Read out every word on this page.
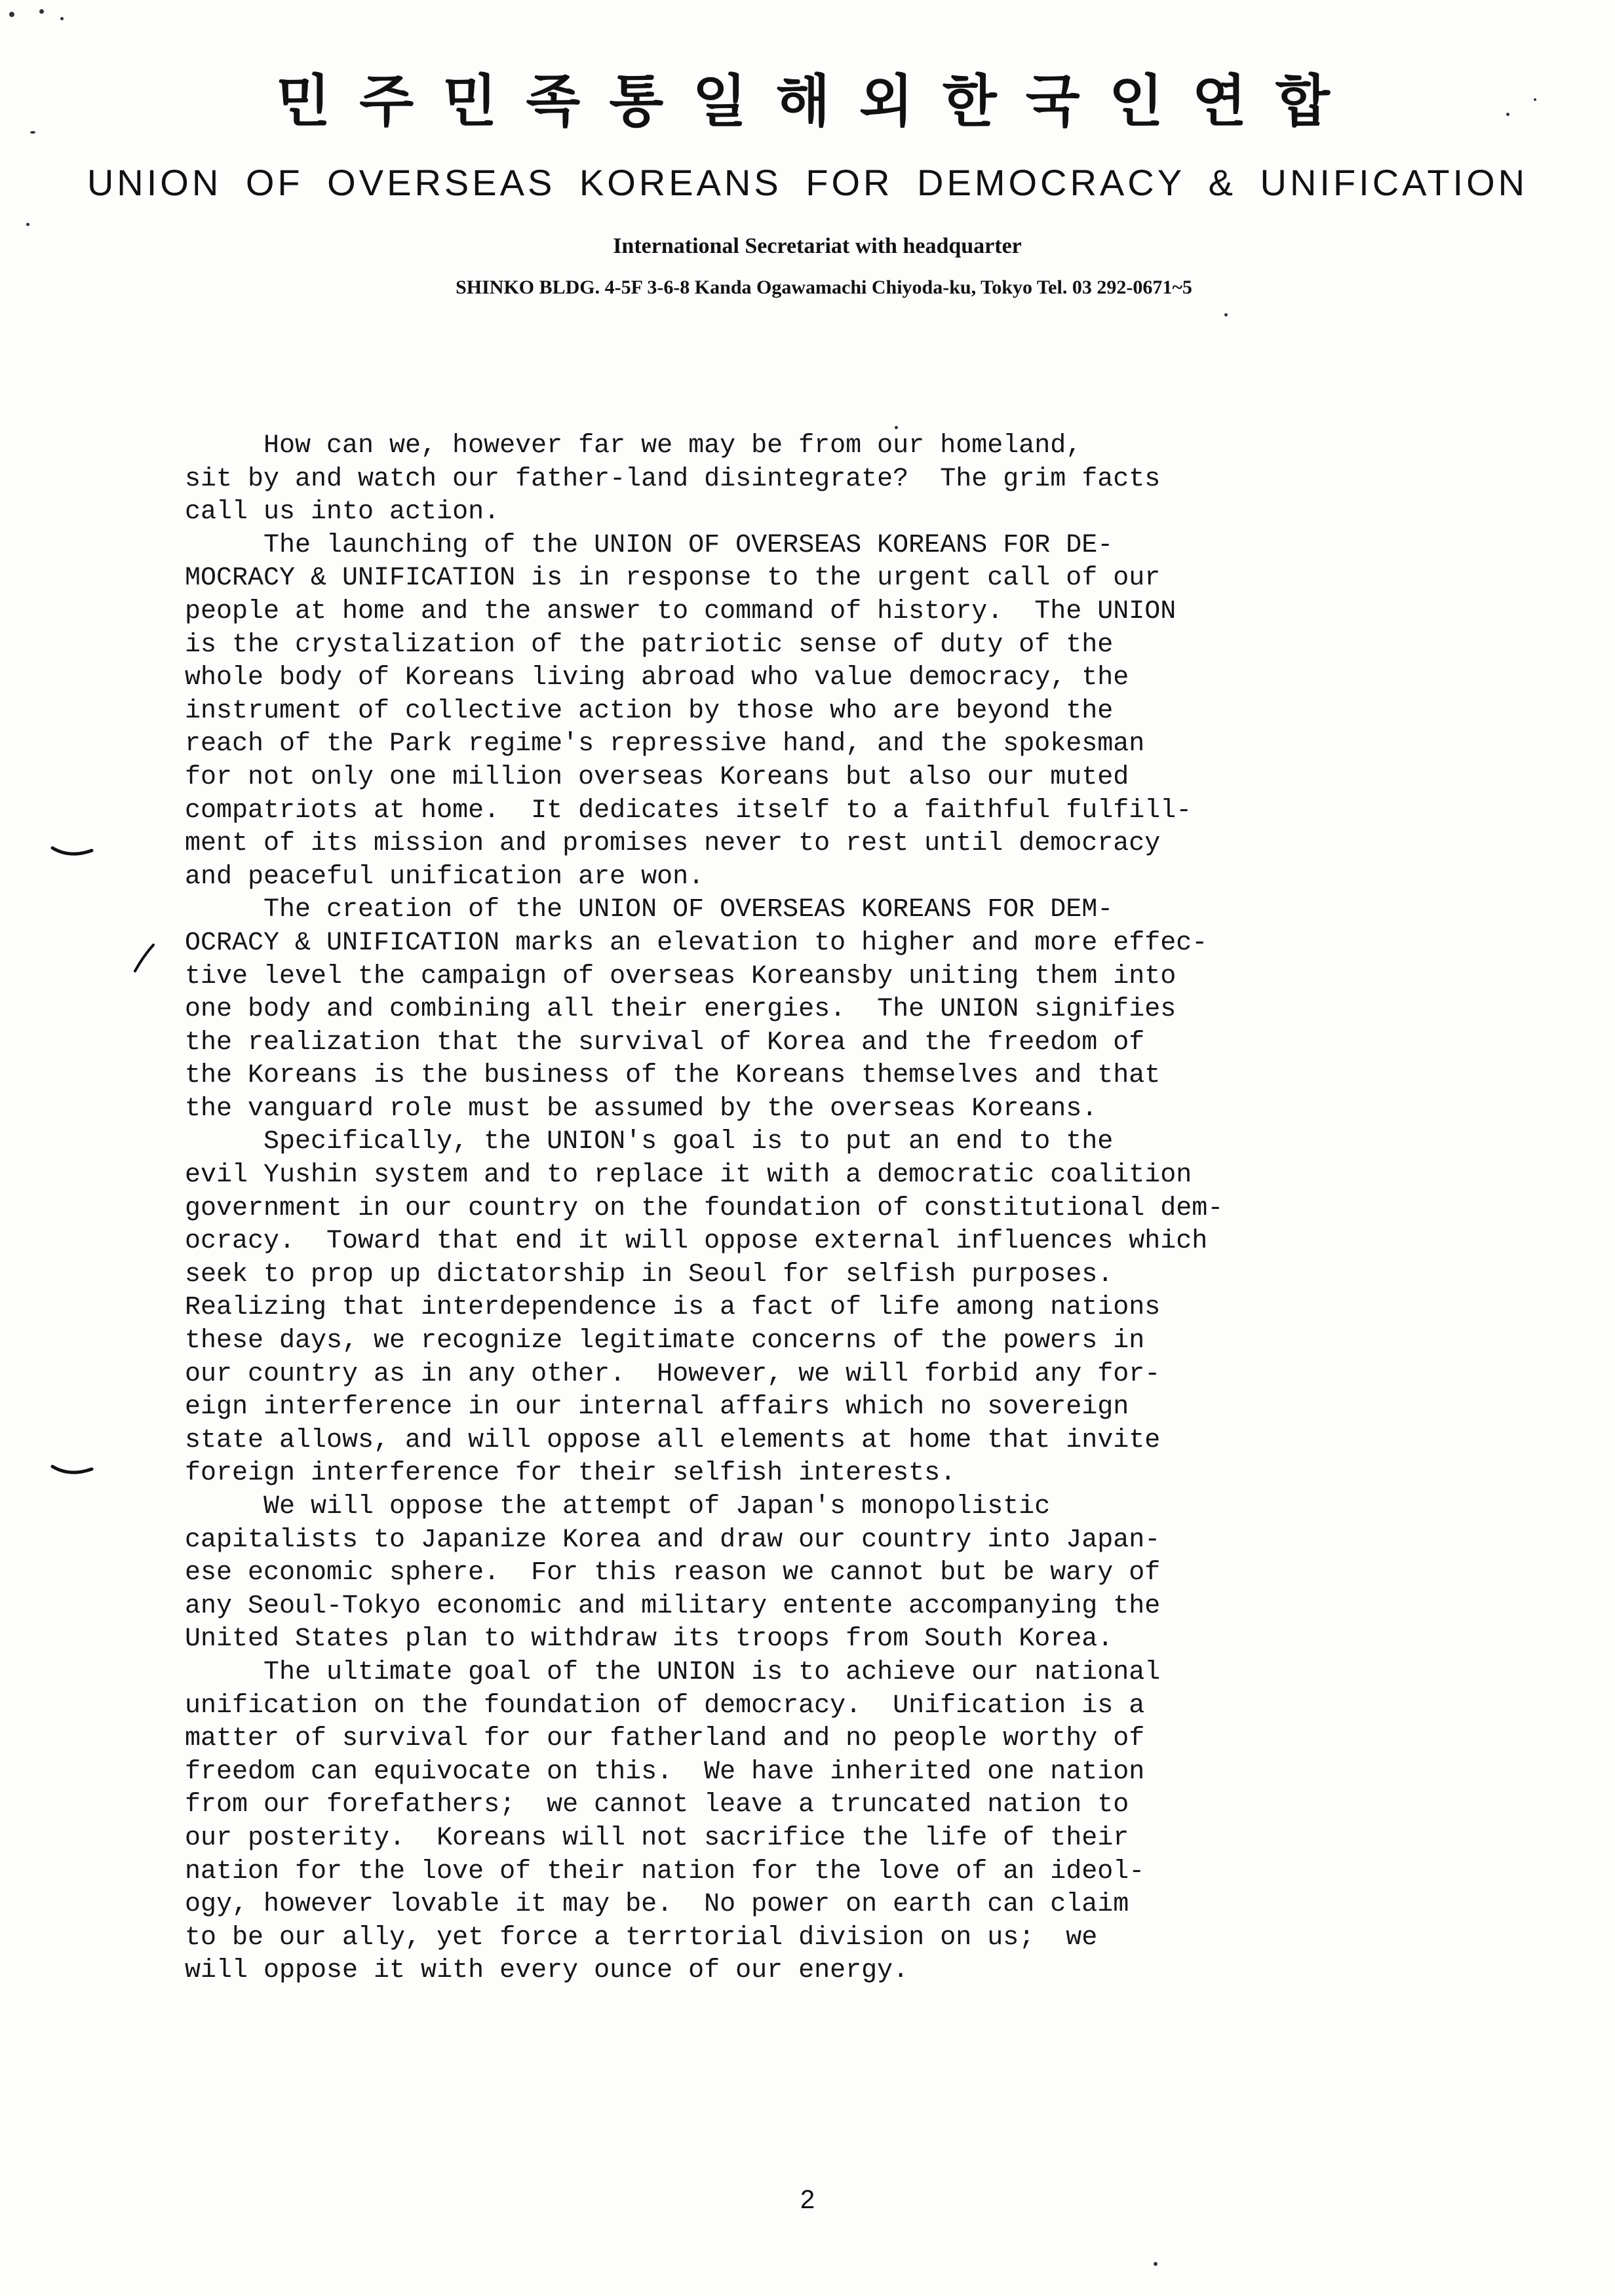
민주민족통일해외한국인연합
UNION OF OVERSEAS KOREANS FOR DEMOCRACY & UNIFICATION
International Secretariat with headquarter
SHINKO BLDG. 4-5F 3-6-8 Kanda Ogawamachi Chiyoda-ku, Tokyo Tel. 03 292-0671~5
How can we, however far we may be from our homeland,
sit by and watch our father-land disintegrate?  The grim facts
call us into action.
The launching of the UNION OF OVERSEAS KOREANS FOR DE-
MOCRACY & UNIFICATION is in response to the urgent call of our
people at home and the answer to command of history.  The UNION
is the crystalization of the patriotic sense of duty of the
whole body of Koreans living abroad who value democracy, the
instrument of collective action by those who are beyond the
reach of the Park regime's repressive hand, and the spokesman
for not only one million overseas Koreans but also our muted
compatriots at home.  It dedicates itself to a faithful fulfill-
ment of its mission and promises never to rest until democracy
and peaceful unification are won.
The creation of the UNION OF OVERSEAS KOREANS FOR DEM-
OCRACY & UNIFICATION marks an elevation to higher and more effec-
tive level the campaign of overseas Koreansby uniting them into
one body and combining all their energies.  The UNION signifies
the realization that the survival of Korea and the freedom of
the Koreans is the business of the Koreans themselves and that
the vanguard role must be assumed by the overseas Koreans.
Specifically, the UNION's goal is to put an end to the
evil Yushin system and to replace it with a democratic coalition
government in our country on the foundation of constitutional dem-
ocracy.  Toward that end it will oppose external influences which
seek to prop up dictatorship in Seoul for selfish purposes.
Realizing that interdependence is a fact of life among nations
these days, we recognize legitimate concerns of the powers in
our country as in any other.  However, we will forbid any for-
eign interference in our internal affairs which no sovereign
state allows, and will oppose all elements at home that invite
foreign interference for their selfish interests.
We will oppose the attempt of Japan's monopolistic
capitalists to Japanize Korea and draw our country into Japan-
ese economic sphere.  For this reason we cannot but be wary of
any Seoul-Tokyo economic and military entente accompanying the
United States plan to withdraw its troops from South Korea.
The ultimate goal of the UNION is to achieve our national
unification on the foundation of democracy.  Unification is a
matter of survival for our fatherland and no people worthy of
freedom can equivocate on this.  We have inherited one nation
from our forefathers;  we cannot leave a truncated nation to
our posterity.  Koreans will not sacrifice the life of their
nation for the love of their nation for the love of an ideol-
ogy, however lovable it may be.  No power on earth can claim
to be our ally, yet force a terrtorial division on us;  we
will oppose it with every ounce of our energy.
2
